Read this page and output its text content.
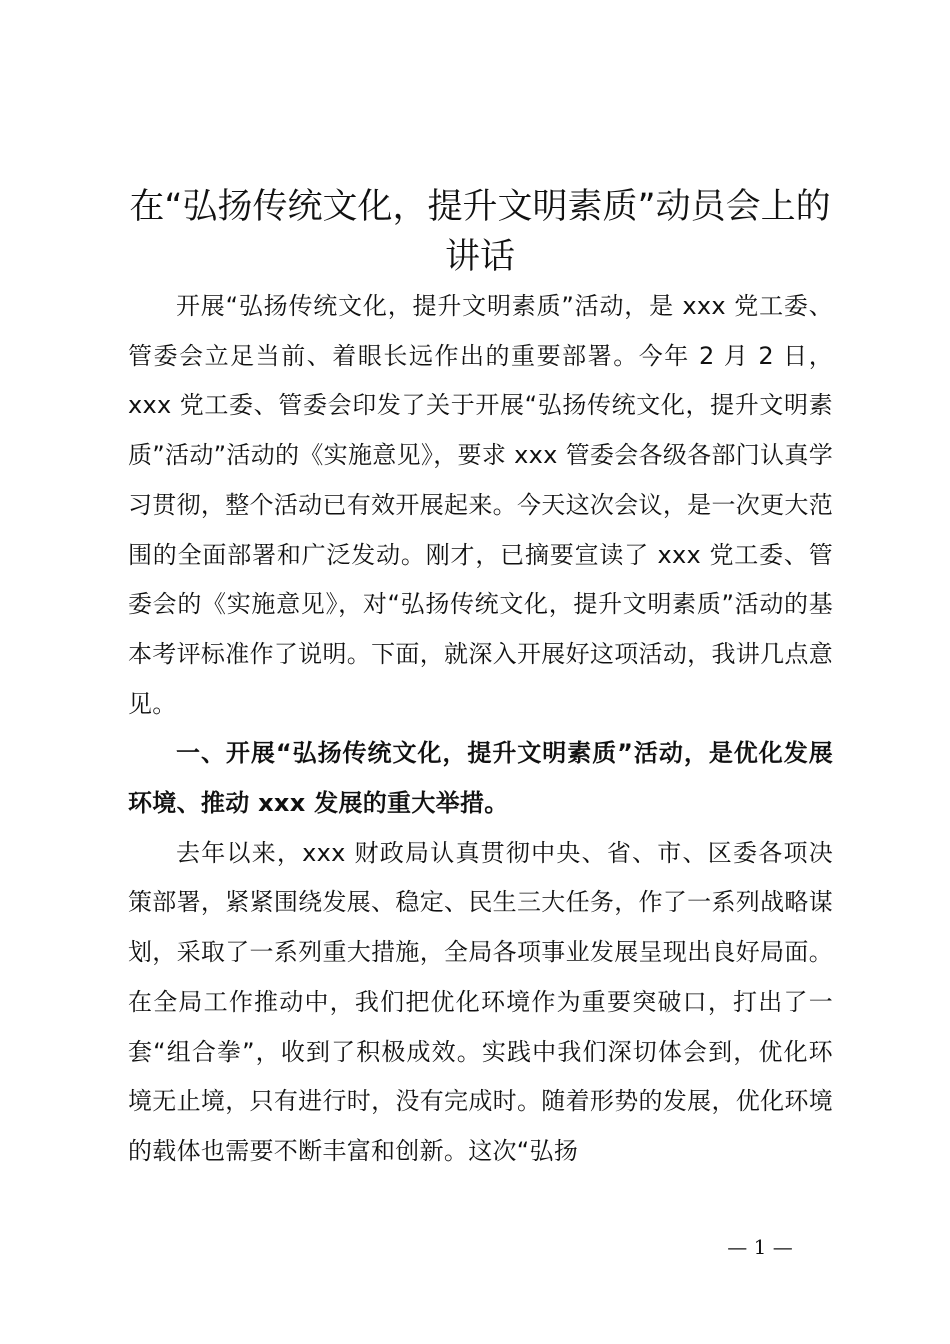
在“弘扬传统文化，提升文明素质”动员会上的讲话

开展“弘扬传统文化，提升文明素质”活动，是 xxx 党工委、管委会立足当前、着眼长远作出的重要部署。今年 2 月 2 日，xxx 党工委、管委会印发了关于开展“弘扬传统文化，提升文明素质”活动”活动的《实施意见》，要求 xxx 管委会各级各部门认真学习贯彻，整个活动已有效开展起来。今天这次会议，是一次更大范围的全面部署和广泛发动。刚才，已摘要宣读了 xxx 党工委、管委会的《实施意见》，对“弘扬传统文化，提升文明素质”活动的基本考评标准作了说明。下面，就深入开展好这项活动，我讲几点意见。

一、开展“弘扬传统文化，提升文明素质”活动，是优化发展环境、推动 xxx 发展的重大举措。

去年以来，xxx 财政局认真贯彻中央、省、市、区委各项决策部署，紧紧围绕发展、稳定、民生三大任务，作了一系列战略谋划，采取了一系列重大措施，全局各项事业发展呈现出良好局面。在全局工作推动中，我们把优化环境作为重要突破口，打出了一套“组合拳”，收到了积极成效。实践中我们深切体会到，优化环境无止境，只有进行时，没有完成时。随着形势的发展，优化环境的载体也需要不断丰富和创新。这次“弘扬

— 1 —
